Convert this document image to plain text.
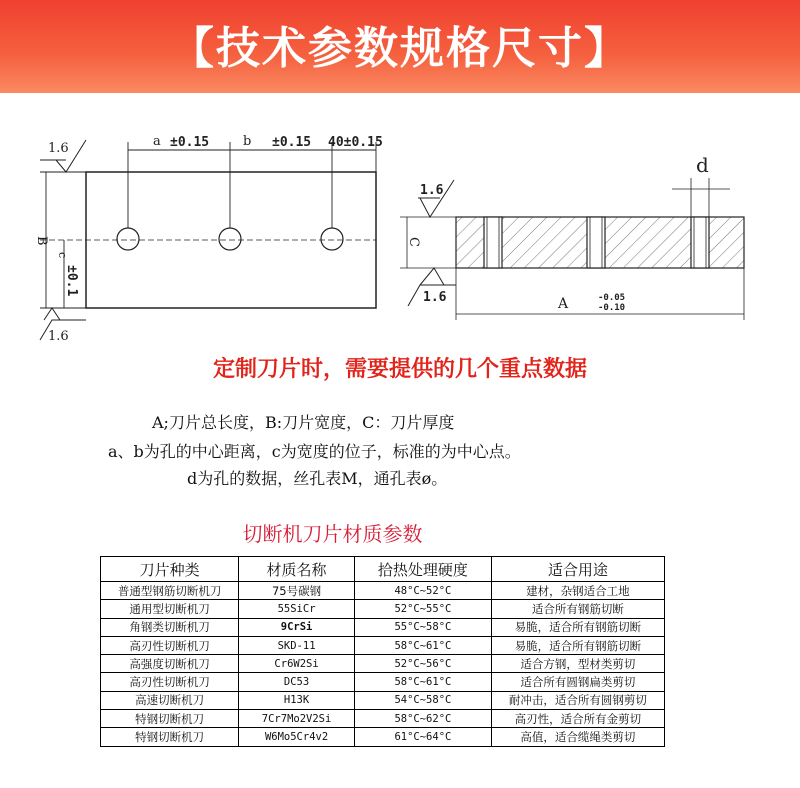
【技术参数规格尺寸】
1.6
1.6
a ±0.15	b ±0.15 40±0.15
B
c
±0.1
d
1.6
1.6
C
A	-0.05
-0.10
定制刀片时，需要提供的几个重点数据
A;刀片总长度，B:刀片宽度，C：刀片厚度
a、b为孔的中心距离，c为宽度的位子，标准的为中心点。
d为孔的数据，丝孔表M，通孔表ø。
切断机刀片材质参数
刀片种类	材质名称	拾热处理硬度	适合用途
普通型钢筋切断机刀	75号碳钢	48°C~52°C	建材，杂钢适合工地
通用型切断机刀	55SiCr	52°C~55°C	适合所有钢筋切断
角钢类切断机刀	9CrSi	55°C~58°C	易脆，适合所有钢筋切断
高刃性切断机刀	SKD-11	58°C~61°C	易脆，适合所有钢筋切断
高强度切断机刀	Cr6W2Si	52°C~56°C	适合方钢，型材类剪切
高刃性切断机刀	DC53	58°C~61°C	适合所有圆钢扁类剪切
高速切断机刀	H13K	54°C~58°C	耐冲击，适合所有圆钢剪切
特钢切断机刀	7Cr7Mo2V2Si	58°C~62°C	高刃性，适合所有金剪切
特钢切断机刀	W6Mo5Cr4v2	61°C~64°C	高值，适合缆绳类剪切
